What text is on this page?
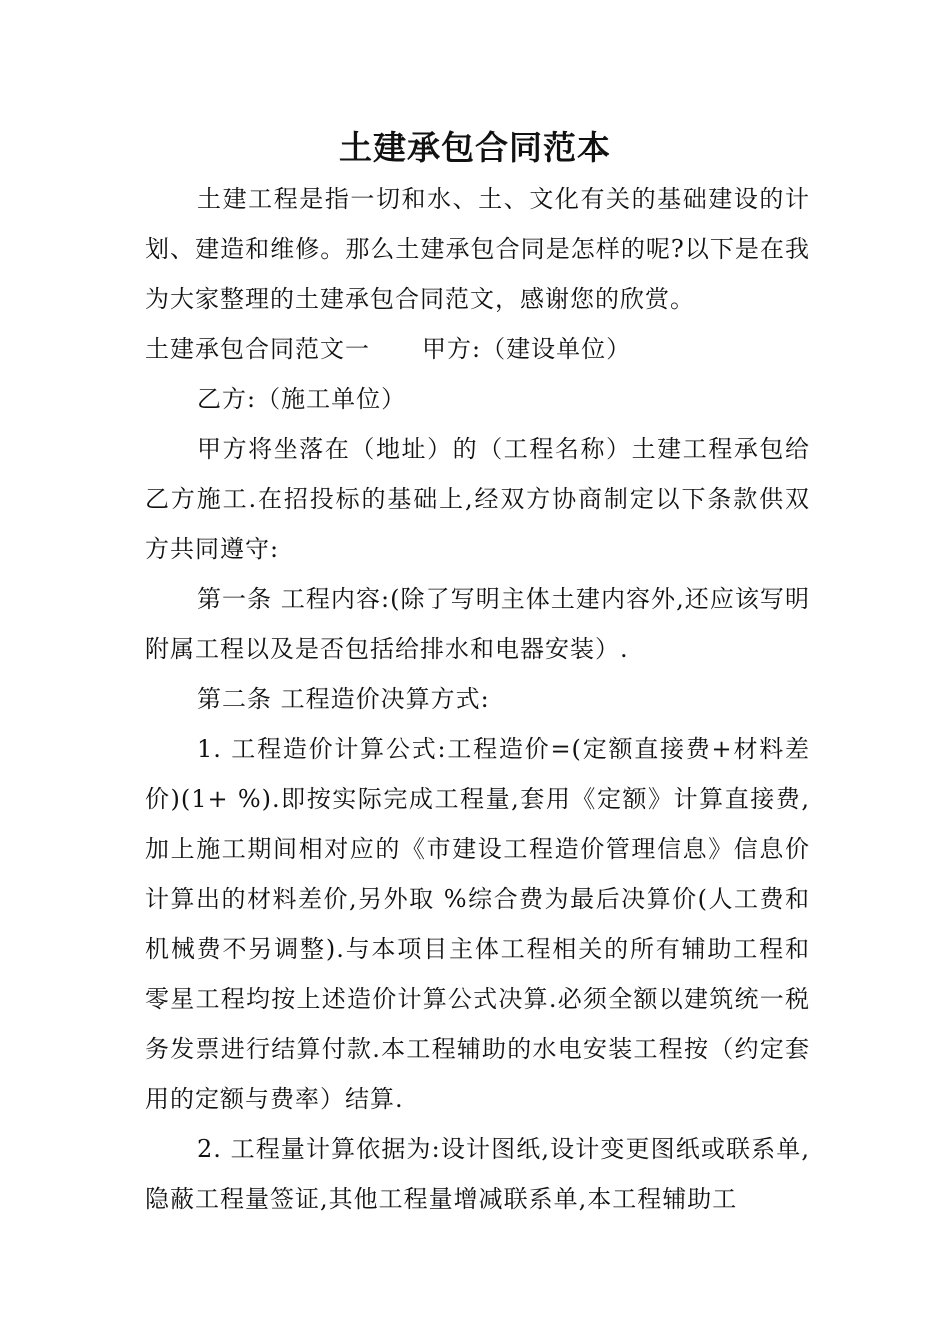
土建承包合同范本

土建工程是指一切和水、土、文化有关的基础建设的计划、建造和维修。那么土建承包合同是怎样的呢?以下是在我为大家整理的土建承包合同范文，感谢您的欣赏。

土建承包合同范文一 甲方:（建设单位）

乙方:（施工单位）

甲方将坐落在（地址）的（工程名称）土建工程承包给乙方施工.在招投标的基础上,经双方协商制定以下条款供双方共同遵守:

第一条 工程内容:(除了写明主体土建内容外,还应该写明附属工程以及是否包括给排水和电器安装）.

第二条 工程造价决算方式:

1. 工程造价计算公式:工程造价=(定额直接费+材料差价)(1+ %).即按实际完成工程量,套用《定额》计算直接费,加上施工期间相对应的《市建设工程造价管理信息》信息价计算出的材料差价,另外取 %综合费为最后决算价(人工费和机械费不另调整).与本项目主体工程相关的所有辅助工程和零星工程均按上述造价计算公式决算.必须全额以建筑统一税务发票进行结算付款.本工程辅助的水电安装工程按（约定套用的定额与费率）结算.

2. 工程量计算依据为:设计图纸,设计变更图纸或联系单,隐蔽工程量签证,其他工程量增减联系单,本工程辅助工
